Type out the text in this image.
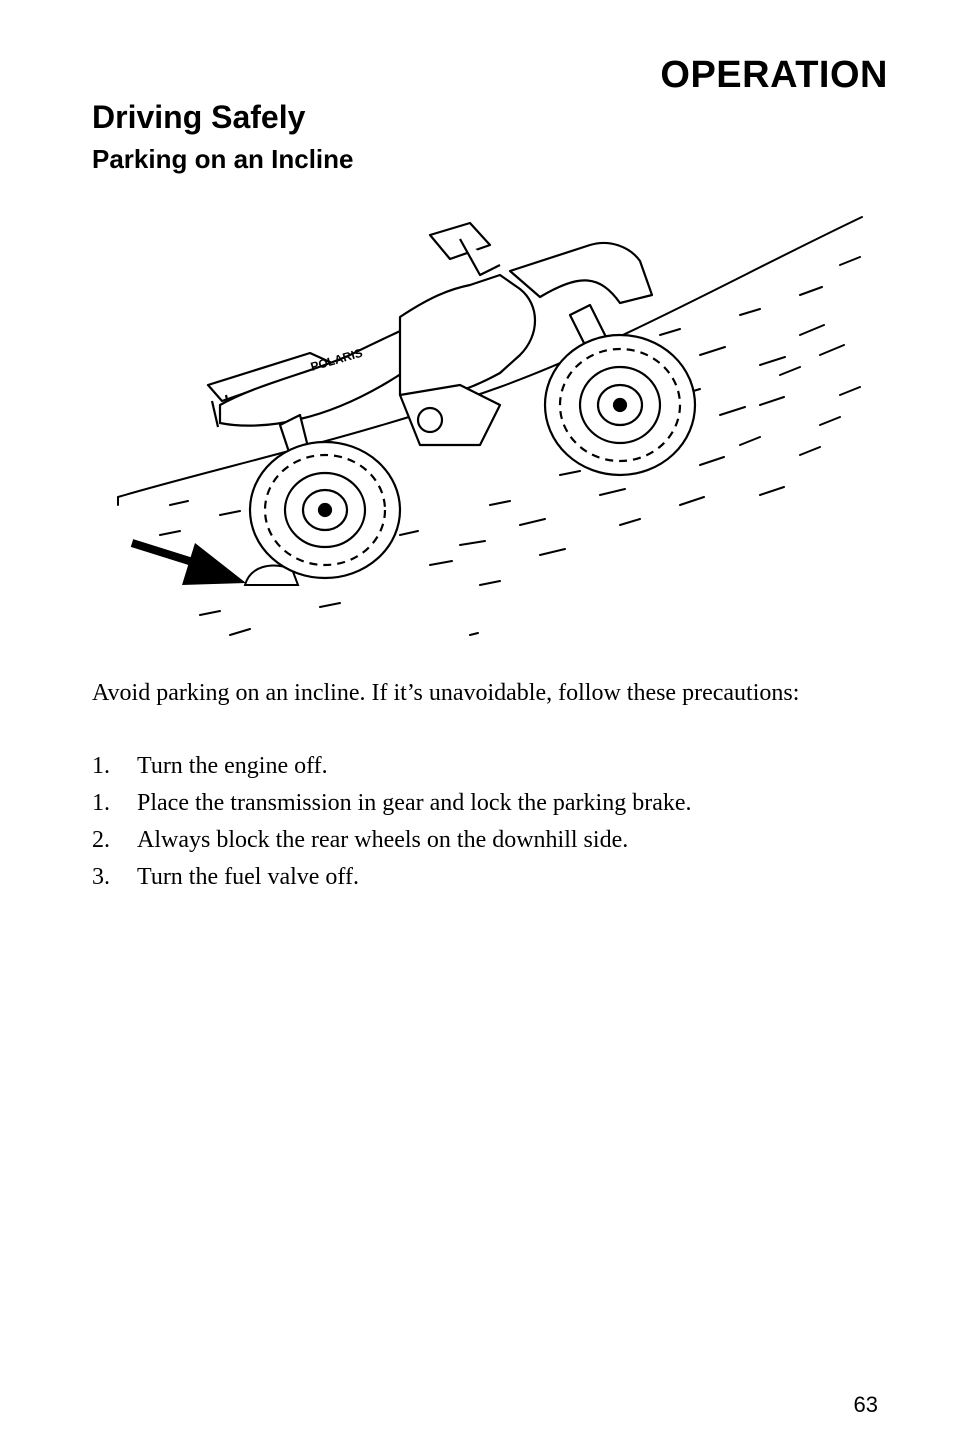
OPERATION
Driving Safely
Parking on an Incline
POLARIS

Avoid parking on an incline. If it’s unavoidable, follow these precautions:

1.	Turn the engine off.
1.	Place the transmission in gear and lock the parking brake.
2.	Always block the rear wheels on the downhill side.
3.	Turn the fuel valve off.

63
